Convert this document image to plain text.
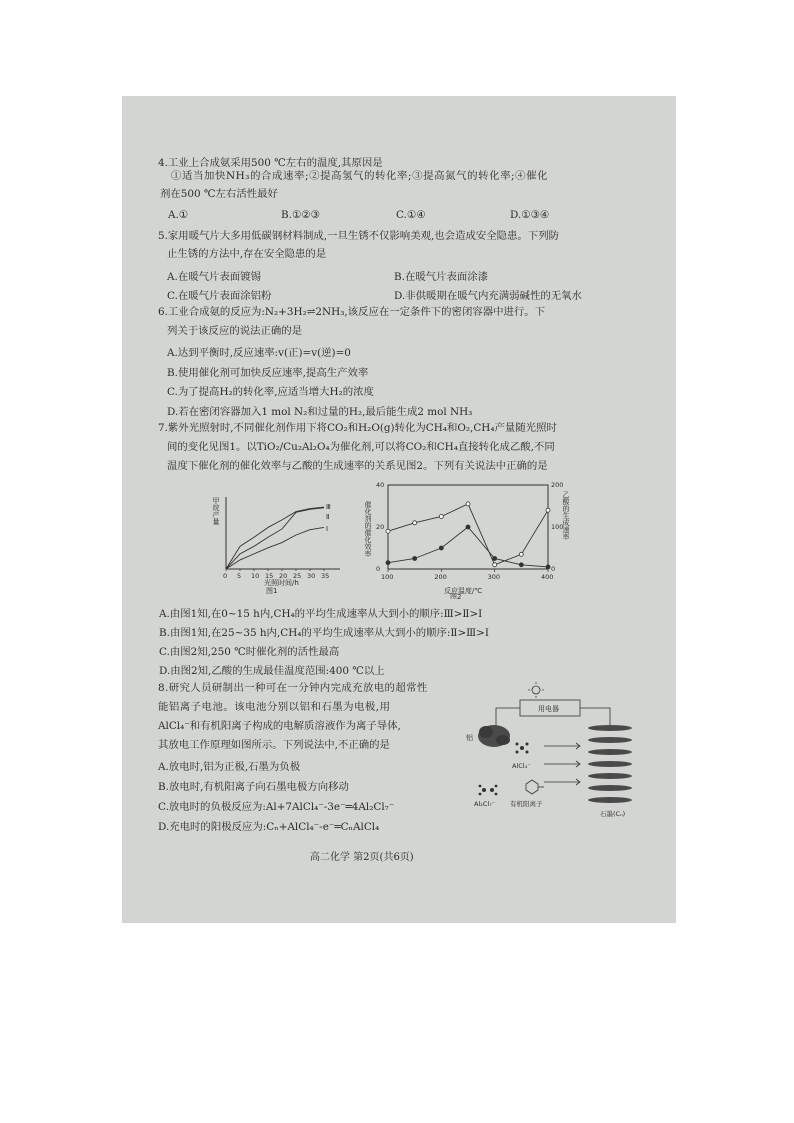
4.工业上合成氨采用500 ℃左右的温度,其原因是
①适当加快NH₃的合成速率;②提高氢气的转化率;③提高氮气的转化率;④催化
剂在500 ℃左右活性最好
A.①	B.①②③	C.①④	D.①③④
5.家用暖气片大多用低碳钢材料制成,一旦生锈不仅影响美观,也会造成安全隐患。下列防
止生锈的方法中,存在安全隐患的是
A.在暖气片表面镀锡	B.在暖气片表面涂漆
C.在暖气片表面涂铝粉	D.非供暖期在暖气内充满弱碱性的无氧水
6.工业合成氨的反应为:N₂+3H₂⇌2NH₃,该反应在一定条件下的密闭容器中进行。下
列关于该反应的说法正确的是
A.达到平衡时,反应速率:v(正)=v(逆)=0
B.使用催化剂可加快反应速率,提高生产效率
C.为了提高H₂的转化率,应适当增大H₂的浓度
D.若在密闭容器加入1 mol N₂和过量的H₂,最后能生成2 mol NH₃
7.紫外光照射时,不同催化剂作用下将CO₂和H₂O(g)转化为CH₄和O₂,CH₄产量随光照时
间的变化见图1。以TiO₂/Cu₂Al₂O₄为催化剂,可以将CO₂和CH₄直接转化成乙酸,不同
温度下催化剂的催化效率与乙酸的生成速率的关系见图2。下列有关说法中正确的是
甲烷产量
0 5 10 15 20 25 30 35
Ⅲ
Ⅱ
Ⅰ
光照时间/h
图1
催化剂的催化效率	乙酸的生成速率
100	200	300	400
0
20
40
0
100
200
反应温度/℃
图2
A.由图1知,在0~15 h内,CH₄的平均生成速率从大到小的顺序:Ⅲ>Ⅱ>Ⅰ
B.由图1知,在25~35 h内,CH₄的平均生成速率从大到小的顺序:Ⅱ>Ⅲ>Ⅰ
C.由图2知,250 ℃时催化剂的活性最高
D.由图2知,乙酸的生成最佳温度范围:400 ℃以上
8.研究人员研制出一种可在一分钟内完成充放电的超常性
能铝离子电池。该电池分别以铝和石墨为电极,用
AlCl₄⁻和有机阳离子构成的电解质溶液作为离子导体,
其放电工作原理如图所示。下列说法中,不正确的是
A.放电时,铝为正极,石墨为负极
B.放电时,有机阳离子向石墨电极方向移动
C.放电时的负极反应为:Al+7AlCl₄⁻-3e⁻═4Al₂Cl₇⁻
D.充电时的阳极反应为:Cₙ+AlCl₄⁻-e⁻═CₙAlCl₄
用电器
铝
石墨(Cₙ)
AlCl₄⁻
Al₂Cl₇⁻ 有机阳离子
高二化学 第2页(共6页)
